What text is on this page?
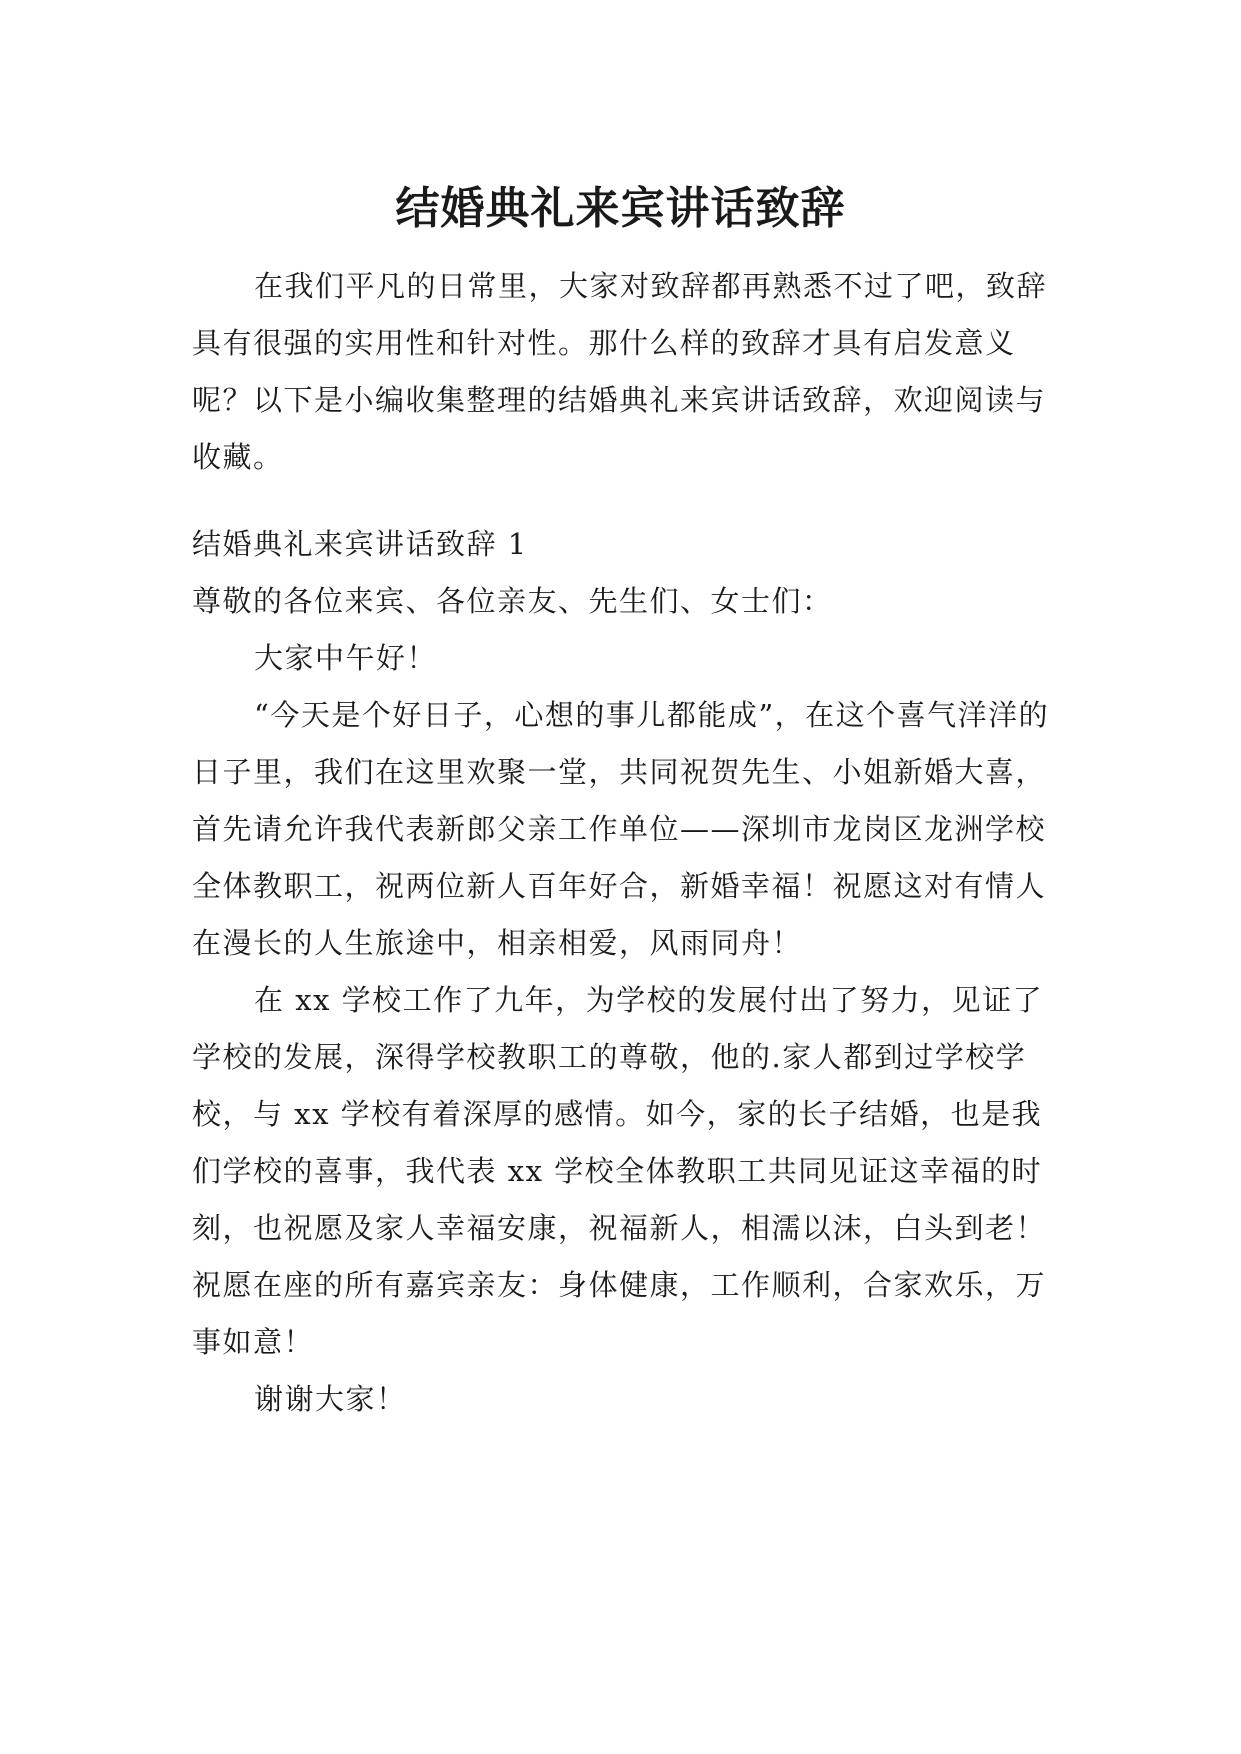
结婚典礼来宾讲话致辞

在我们平凡的日常里，大家对致辞都再熟悉不过了吧，致辞具有很强的实用性和针对性。那什么样的致辞才具有启发意义呢？以下是小编收集整理的结婚典礼来宾讲话致辞，欢迎阅读与收藏。

结婚典礼来宾讲话致辞 1

尊敬的各位来宾、各位亲友、先生们、女士们：

大家中午好！

“今天是个好日子，心想的事儿都能成”，在这个喜气洋洋的日子里，我们在这里欢聚一堂，共同祝贺先生、小姐新婚大喜，首先请允许我代表新郎父亲工作单位——深圳市龙岗区龙洲学校全体教职工，祝两位新人百年好合，新婚幸福！祝愿这对有情人在漫长的人生旅途中，相亲相爱，风雨同舟！

在 xx 学校工作了九年，为学校的发展付出了努力，见证了学校的发展，深得学校教职工的尊敬，他的.家人都到过学校学校，与 xx 学校有着深厚的感情。如今，家的长子结婚，也是我们学校的喜事，我代表 xx 学校全体教职工共同见证这幸福的时刻，也祝愿及家人幸福安康，祝福新人，相濡以沫，白头到老！祝愿在座的所有嘉宾亲友：身体健康，工作顺利，合家欢乐，万事如意！

谢谢大家！
